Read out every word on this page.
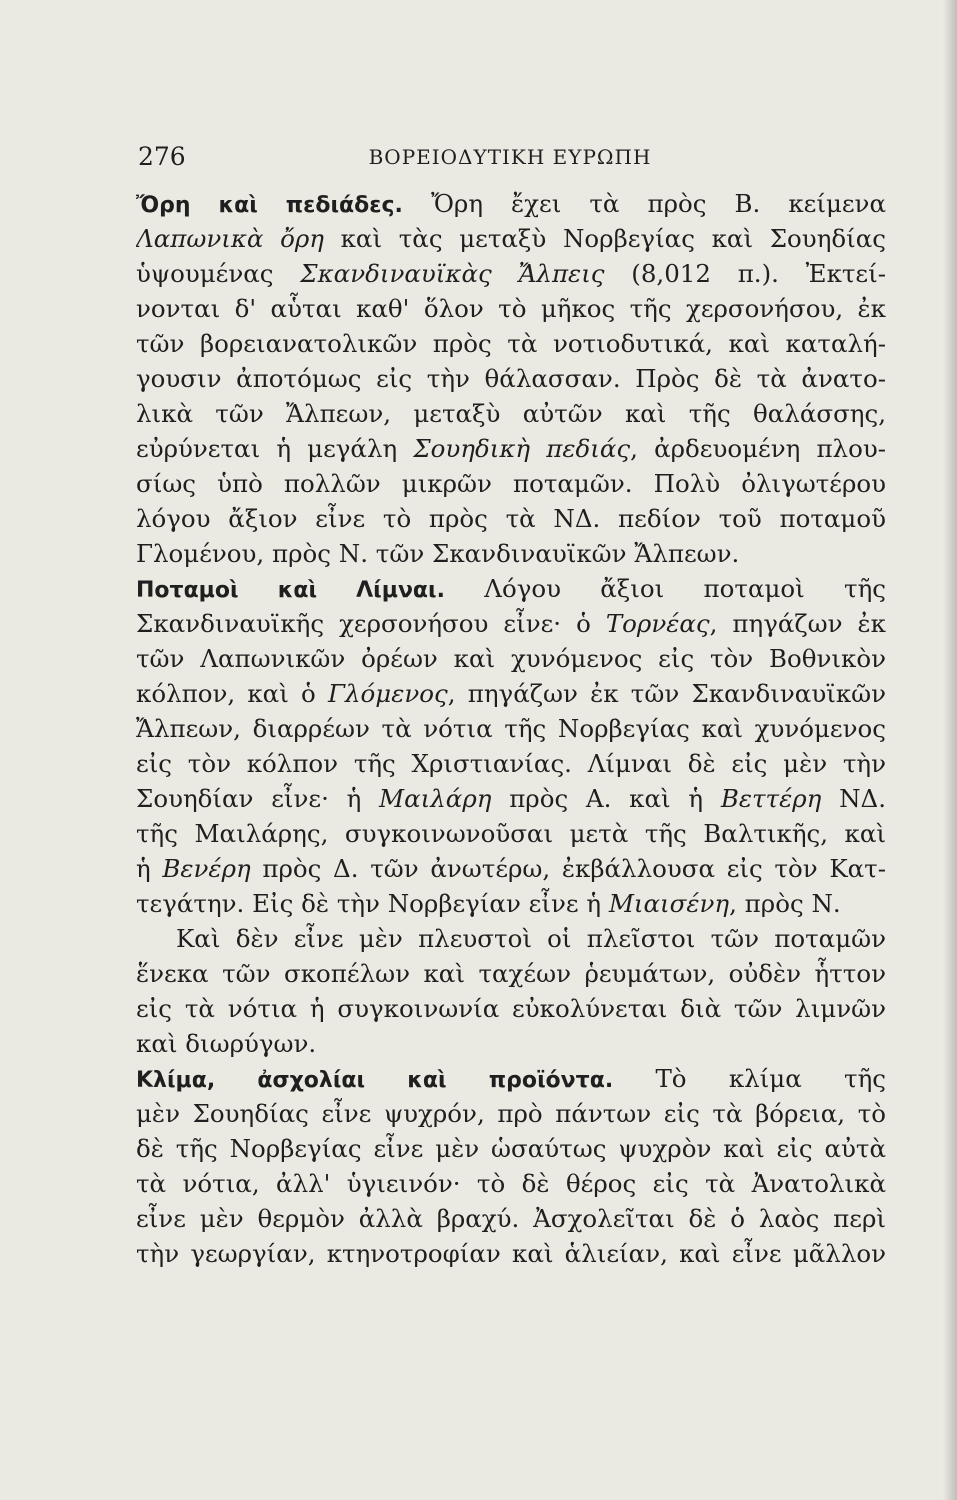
276	ΒΟΡΕΙΟΔΥΤΙΚΗ ΕΥΡΩΠΗ
Ὄρη καὶ πεδιάδες. Ὄρη ἔχει τὰ πρὸς Β. κείμενα
Λαπωνικὰ ὄρη καὶ τὰς μεταξὺ Νορβεγίας καὶ Σουηδίας
ὑψουμένας Σκανδιναυϊκὰς Ἄλπεις (8,012 π.). Ἐκτεί-
νονται δ' αὗται καθ' ὅλον τὸ μῆκος τῆς χερσονήσου, ἐκ
τῶν βορειανατολικῶν πρὸς τὰ νοτιοδυτικά, καὶ καταλή-
γουσιν ἀποτόμως εἰς τὴν θάλασσαν. Πρὸς δὲ τὰ ἀνατο-
λικὰ τῶν Ἄλπεων, μεταξὺ αὐτῶν καὶ τῆς θαλάσσης,
εὐρύνεται ἡ μεγάλη Σουηδικὴ πεδιάς, ἀρδευομένη πλου-
σίως ὑπὸ πολλῶν μικρῶν ποταμῶν. Πολὺ ὀλιγωτέρου
λόγου ἄξιον εἶνε τὸ πρὸς τὰ ΝΔ. πεδίον τοῦ ποταμοῦ
Γλομένου, πρὸς Ν. τῶν Σκανδιναυϊκῶν Ἄλπεων.
Ποταμοὶ καὶ Λίμναι. Λόγου ἄξιοι ποταμοὶ τῆς
Σκανδιναυϊκῆς χερσονήσου εἶνε· ὁ Τορνέας, πηγάζων ἐκ
τῶν Λαπωνικῶν ὀρέων καὶ χυνόμενος εἰς τὸν Βοθνικὸν
κόλπον, καὶ ὁ Γλόμενος, πηγάζων ἐκ τῶν Σκανδιναυϊκῶν
Ἄλπεων, διαρρέων τὰ νότια τῆς Νορβεγίας καὶ χυνόμενος
εἰς τὸν κόλπον τῆς Χριστιανίας. Λίμναι δὲ εἰς μὲν τὴν
Σουηδίαν εἶνε· ἡ Μαιλάρη πρὸς Α. καὶ ἡ Βεττέρη ΝΔ.
τῆς Μαιλάρης, συγκοινωνοῦσαι μετὰ τῆς Βαλτικῆς, καὶ
ἡ Βενέρη πρὸς Δ. τῶν ἀνωτέρω, ἐκβάλλουσα εἰς τὸν Κατ-
τεγάτην. Εἰς δὲ τὴν Νορβεγίαν εἶνε ἡ Μιαισένη, πρὸς Ν.
Καὶ δὲν εἶνε μὲν πλευστοὶ οἱ πλεῖστοι τῶν ποταμῶν
ἕνεκα τῶν σκοπέλων καὶ ταχέων ῥευμάτων, οὐδὲν ἧττον
εἰς τὰ νότια ἡ συγκοινωνία εὐκολύνεται διὰ τῶν λιμνῶν
καὶ διωρύγων.
Κλίμα, ἀσχολίαι καὶ προϊόντα. Τὸ κλίμα τῆς
μὲν Σουηδίας εἶνε ψυχρόν, πρὸ πάντων εἰς τὰ βόρεια, τὸ
δὲ τῆς Νορβεγίας εἶνε μὲν ὡσαύτως ψυχρὸν καὶ εἰς αὐτὰ
τὰ νότια, ἀλλ' ὑγιεινόν· τὸ δὲ θέρος εἰς τὰ Ἀνατολικὰ
εἶνε μὲν θερμὸν ἀλλὰ βραχύ. Ἀσχολεῖται δὲ ὁ λαὸς περὶ
τὴν γεωργίαν, κτηνοτροφίαν καὶ ἁλιείαν, καὶ εἶνε μᾶλλον
